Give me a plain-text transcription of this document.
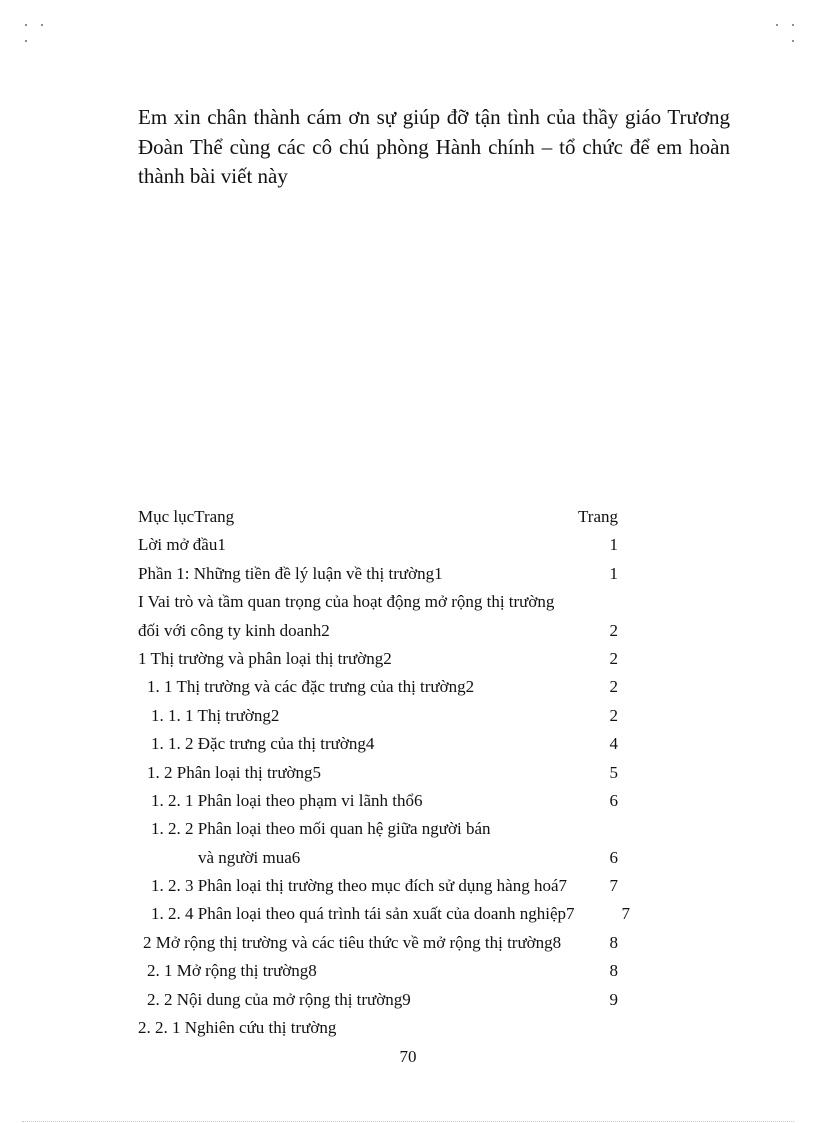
Em xin chân thành cám ơn sự giúp đỡ tận tình của thầy giáo Trương
Đoàn Thể cùng các cô chú phòng Hành chính – tổ chức để em hoàn
thành bài viết này
Mục lụcTrang	Trang
Lời mở đầu1	1
Phần 1: Những tiền đề lý luận về thị trường1	1
I Vai trò và tầm quan trọng của hoạt động mở rộng thị trường
đối với công ty kinh doanh2	2
1 Thị trường và phân loại thị trường2	2
1. 1 Thị trường và các đặc trưng của thị trường2	2
1. 1. 1 Thị trường2	2
1. 1. 2 Đặc trưng của thị trường4	4
1. 2 Phân loại thị trường5	5
1. 2. 1 Phân loại theo phạm vi lãnh thổ6	6
1. 2. 2 Phân loại theo mối quan hệ giữa người bán
và người mua6	6
1. 2. 3 Phân loại thị trường theo mục đích sử dụng hàng hoá7 7
1. 2. 4 Phân loại theo quá trình tái sản xuất của doanh nghiệp7	7
2 Mở rộng thị trường và các tiêu thức về mở rộng thị trường8	8
2. 1 Mở rộng thị trường8	8
2. 2 Nội dung của mở rộng thị trường9	9
2. 2. 1 Nghiên cứu thị trường
70
